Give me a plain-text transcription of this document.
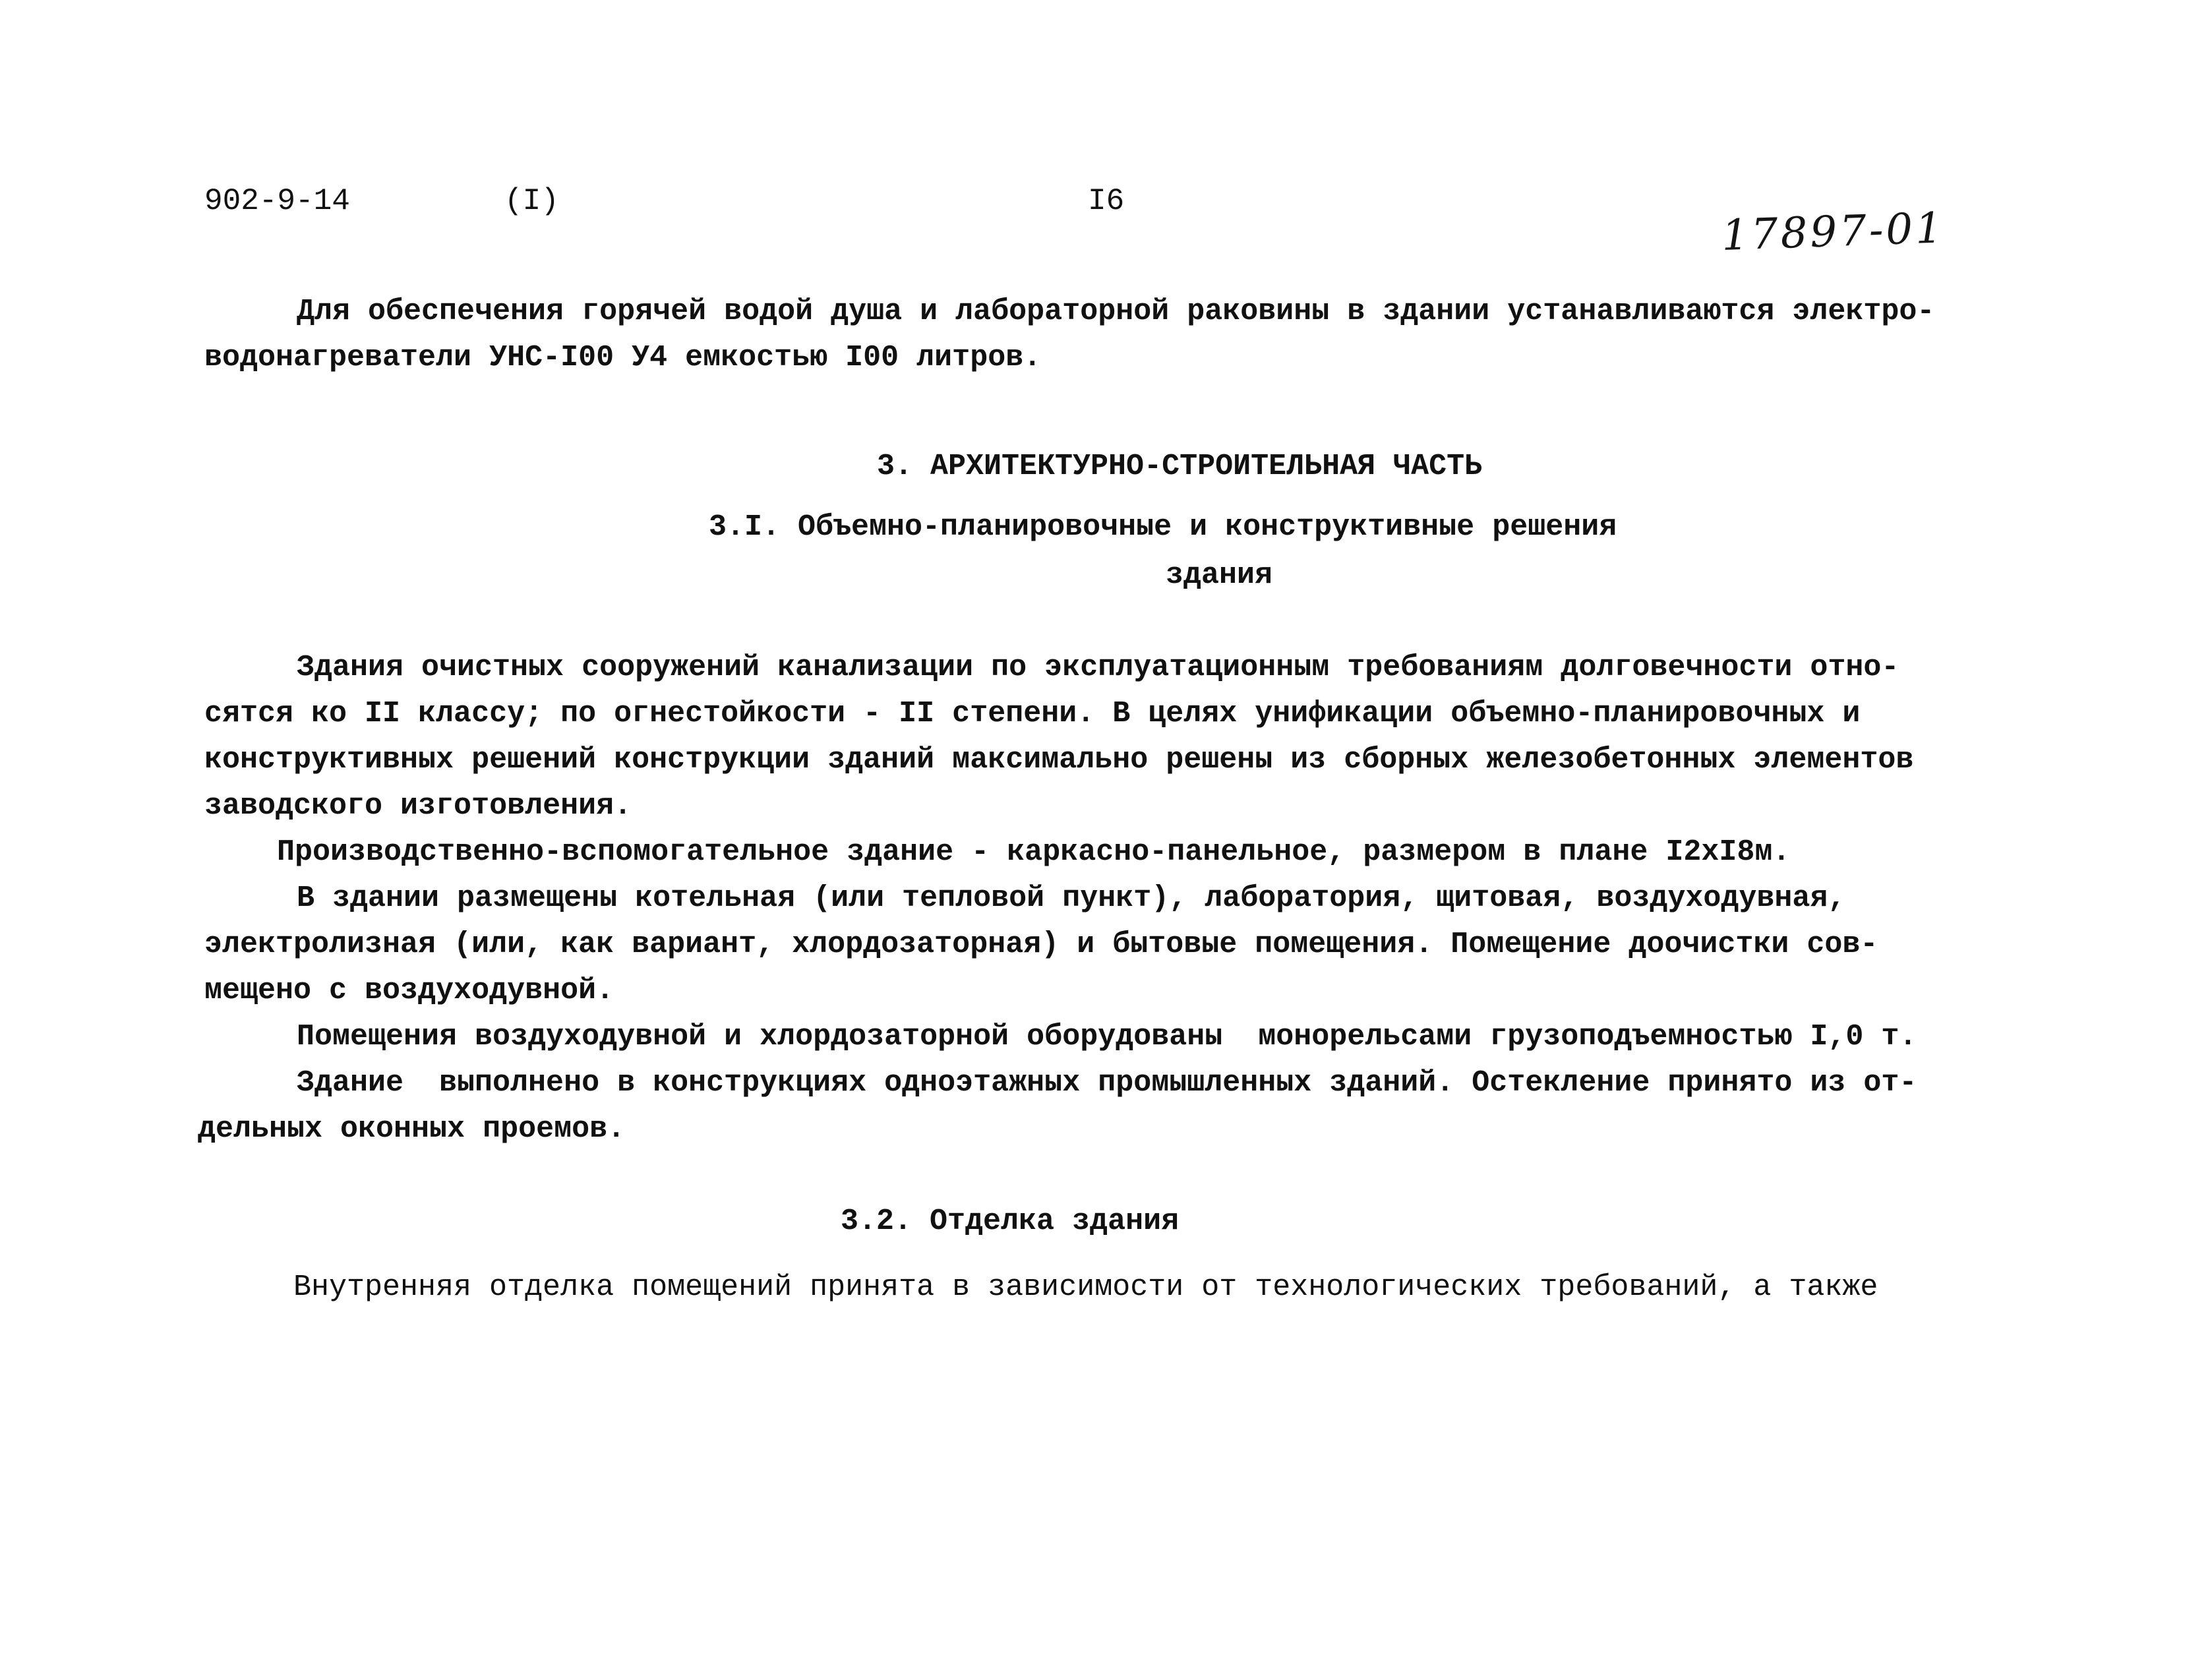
902-9-14	(I)	I6
17897-01
Для обеспечения горячей водой душа и лабораторной раковины в здании устанавливаются электро-
водонагреватели УНС-I00 У4 емкостью I00 литров.
3. АРХИТЕКТУРНО-СТРОИТЕЛЬНАЯ ЧАСТЬ
3.I. Объемно-планировочные и конструктивные решения
здания
Здания очистных сооружений канализации по эксплуатационным требованиям долговечности отно-
сятся ко II классу; по огнестойкости - II степени. В целях унификации объемно-планировочных и
конструктивных решений конструкции зданий максимально решены из сборных железобетонных элементов
заводского изготовления.
Производственно-вспомогательное здание - каркасно-панельное, размером в плане I2xI8м.
В здании размещены котельная (или тепловой пункт), лаборатория, щитовая, воздуходувная,
электролизная (или, как вариант, хлордозаторная) и бытовые помещения. Помещение доочистки сов-
мещено с воздуходувной.
Помещения воздуходувной и хлордозаторной оборудованы  монорельсами грузоподъемностью I,0 т.
Здание  выполнено в конструкциях одноэтажных промышленных зданий. Остекление принято из от-
дельных оконных проемов.
3.2. Отделка здания
Внутренняя отделка помещений принята в зависимости от технологических требований, а также
